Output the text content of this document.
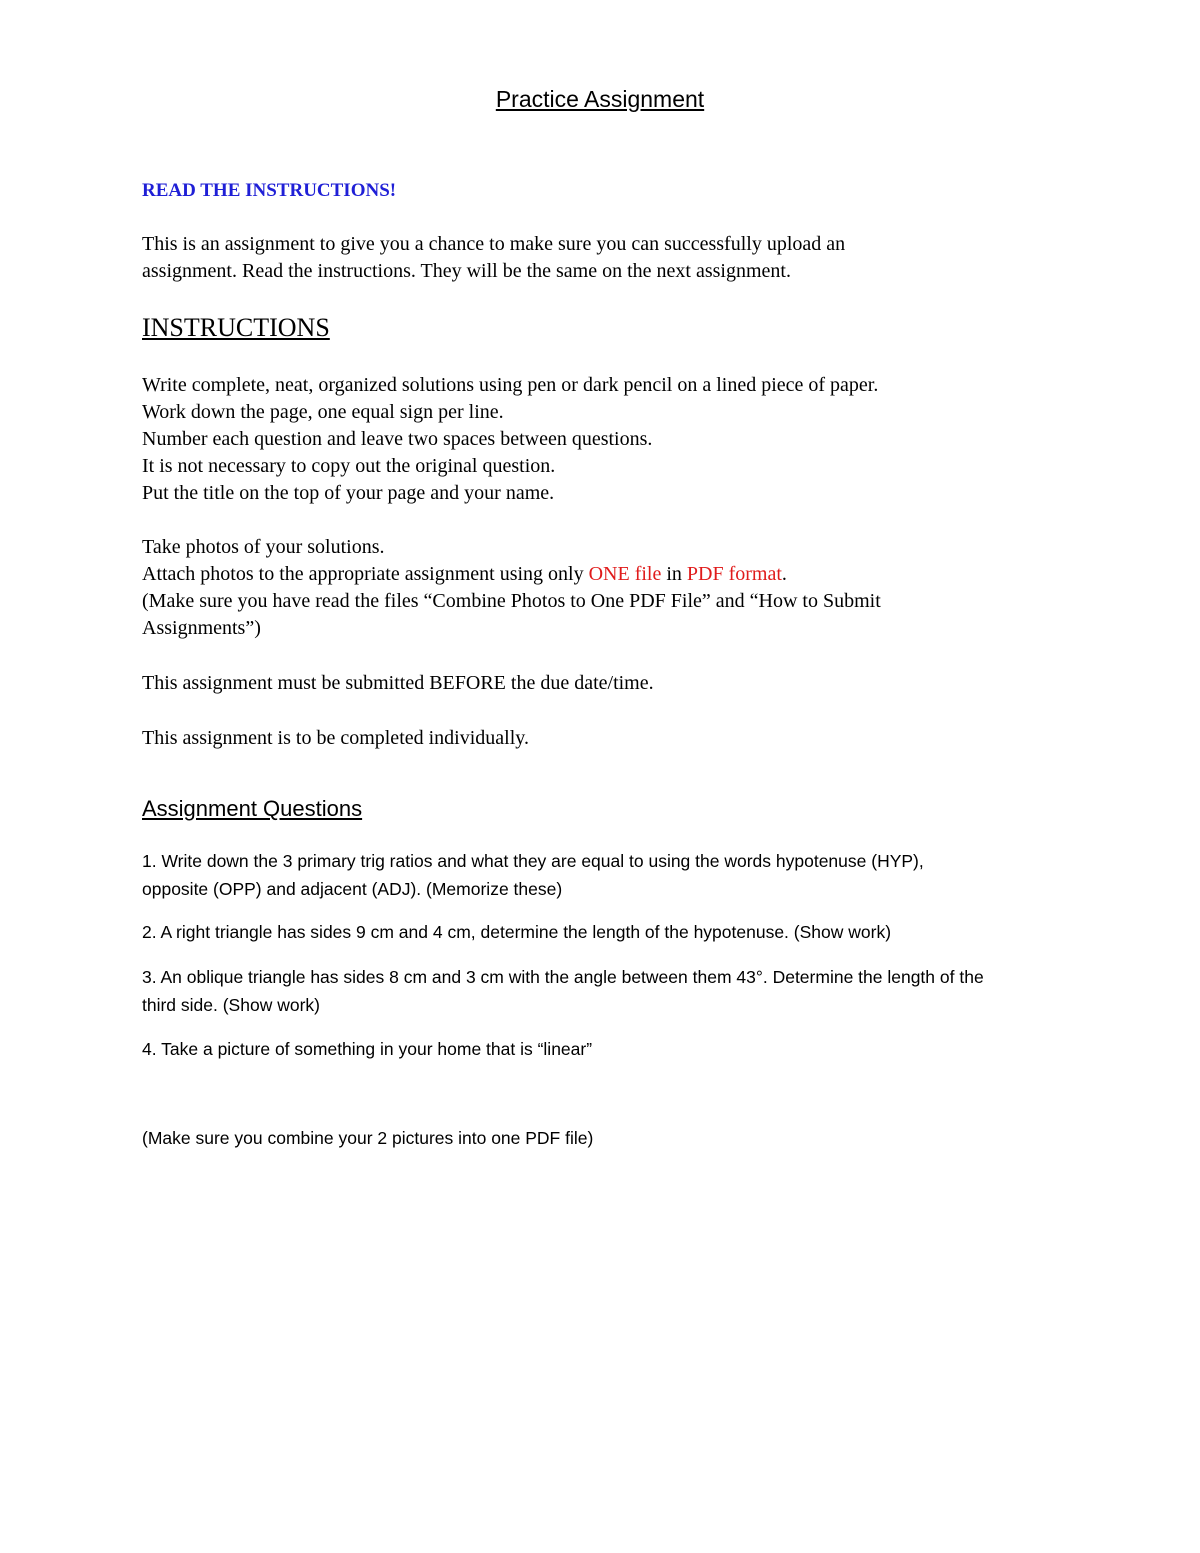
Practice Assignment
READ THE INSTRUCTIONS!
This is an assignment to give you a chance to make sure you can successfully upload an
assignment. Read the instructions. They will be the same on the next assignment.
INSTRUCTIONS
Write complete, neat, organized solutions using pen or dark pencil on a lined piece of paper.
Work down the page, one equal sign per line.
Number each question and leave two spaces between questions.
It is not necessary to copy out the original question.
Put the title on the top of your page and your name.
Take photos of your solutions.
Attach photos to the appropriate assignment using only ONE file in PDF format.
(Make sure you have read the files “Combine Photos to One PDF File” and “How to Submit
Assignments”)
This assignment must be submitted BEFORE the due date/time.
This assignment is to be completed individually.
Assignment Questions
1. Write down the 3 primary trig ratios and what they are equal to using the words hypotenuse (HYP),
opposite (OPP) and adjacent (ADJ). (Memorize these)
2. A right triangle has sides 9 cm and 4 cm, determine the length of the hypotenuse. (Show work)
3. An oblique triangle has sides 8 cm and 3 cm with the angle between them 43°. Determine the length of the
third side. (Show work)
4. Take a picture of something in your home that is “linear”
(Make sure you combine your 2 pictures into one PDF file)
